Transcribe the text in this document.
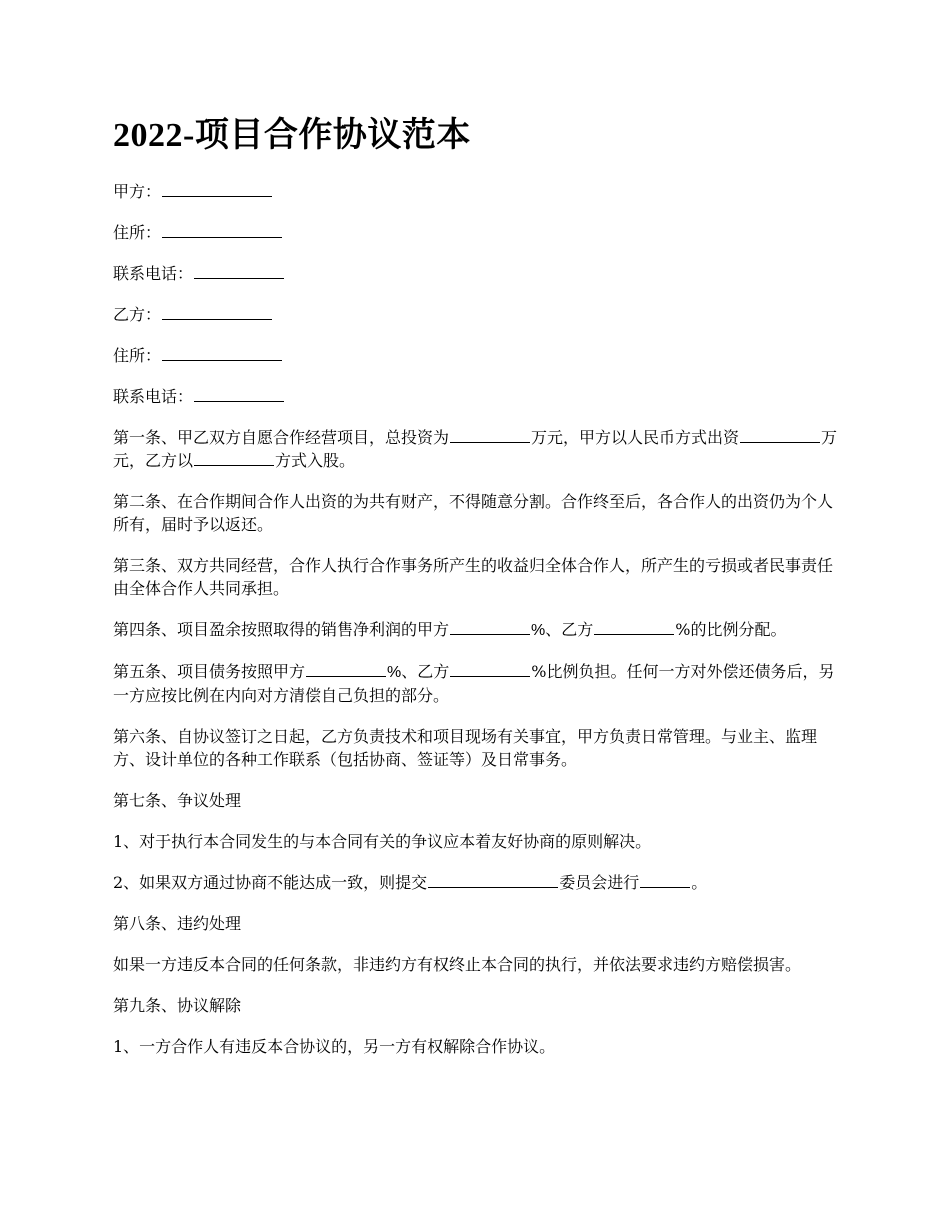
2022-项目合作协议范本

甲方：

住所：

联系电话：

乙方：

住所：

联系电话：

第一条、甲乙双方自愿合作经营项目，总投资为	万元，甲方以人民币方式出资	万元，乙方以	方式入股。

第二条、在合作期间合作人出资的为共有财产，不得随意分割。合作终至后，各合作人的出资仍为个人所有，届时予以返还。

第三条、双方共同经营，合作人执行合作事务所产生的收益归全体合作人，所产生的亏损或者民事责任由全体合作人共同承担。

第四条、项目盈余按照取得的销售净利润的甲方	%、乙方	%的比例分配。

第五条、项目债务按照甲方	%、乙方	%比例负担。任何一方对外偿还债务后，另一方应按比例在内向对方清偿自己负担的部分。

第六条、自协议签订之日起，乙方负责技术和项目现场有关事宜，甲方负责日常管理。与业主、监理方、设计单位的各种工作联系（包括协商、签证等）及日常事务。

第七条、争议处理

1、对于执行本合同发生的与本合同有关的争议应本着友好协商的原则解决。

2、如果双方通过协商不能达成一致，则提交	委员会进行	。

第八条、违约处理

如果一方违反本合同的任何条款，非违约方有权终止本合同的执行，并依法要求违约方赔偿损害。

第九条、协议解除

1、一方合作人有违反本合协议的，另一方有权解除合作协议。
